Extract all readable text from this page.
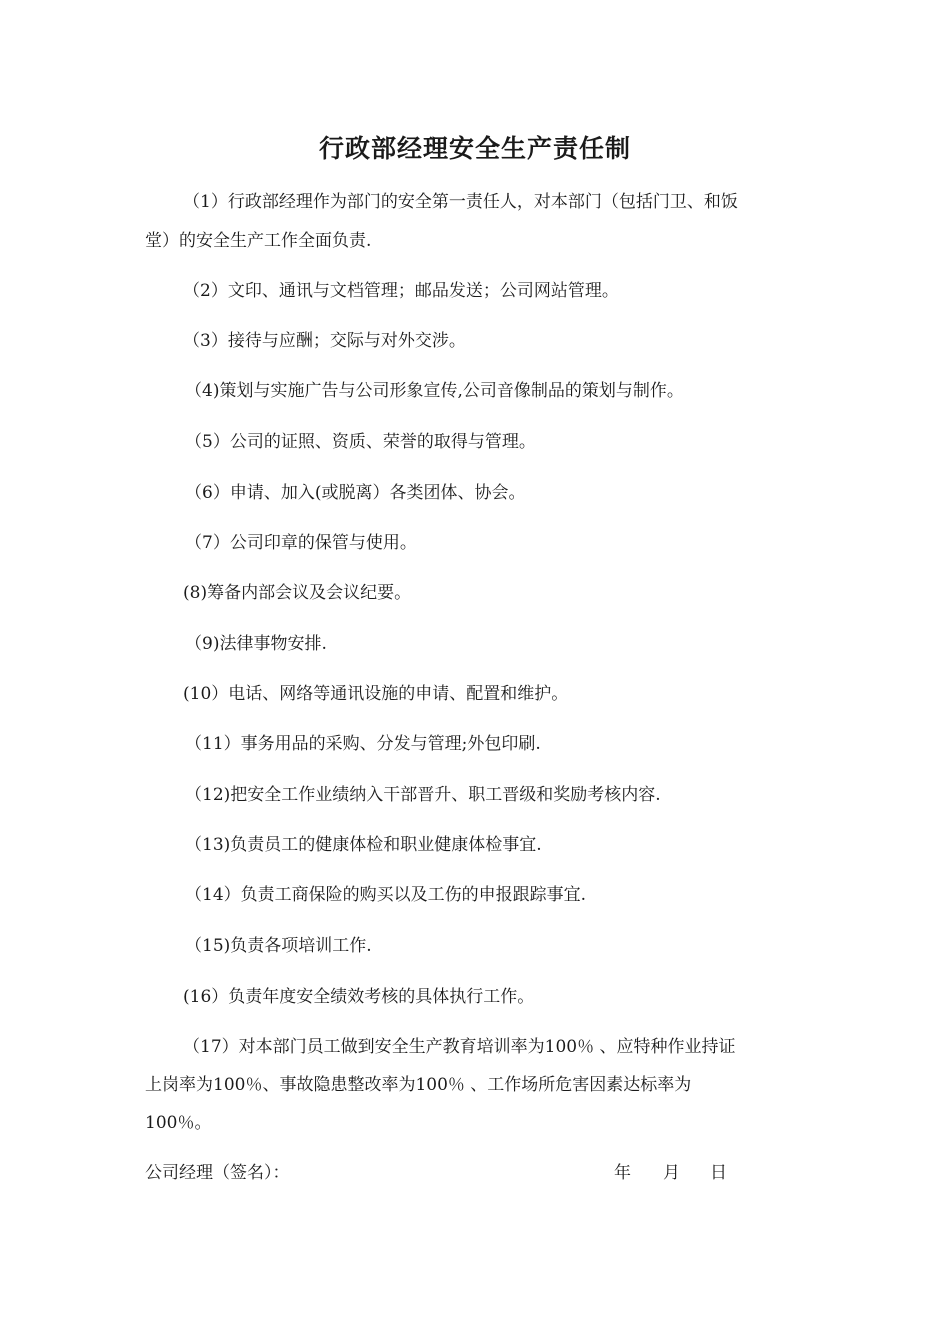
行政部经理安全生产责任制
（1）行政部经理作为部门的安全第一责任人，对本部门（包括门卫、和饭
堂）的安全生产工作全面负责.
（2）文印、通讯与文档管理；邮品发送；公司网站管理。
（3）接待与应酬；交际与对外交涉。
（4)策划与实施广告与公司形象宣传,公司音像制品的策划与制作。
（5）公司的证照、资质、荣誉的取得与管理。
（6）申请、加入(或脱离）各类团体、协会。
（7）公司印章的保管与使用。
(8)筹备内部会议及会议纪要。
（9)法律事物安排.
(10）电话、网络等通讯设施的申请、配置和维护。
（11）事务用品的采购、分发与管理;外包印刷.
（12)把安全工作业绩纳入干部晋升、职工晋级和奖励考核内容.
（13)负责员工的健康体检和职业健康体检事宜.
（14）负责工商保险的购买以及工伤的申报跟踪事宜.
（15)负责各项培训工作.
(16）负责年度安全绩效考核的具体执行工作。
（17）对本部门员工做到安全生产教育培训率为100％ 、应特种作业持证
上岗率为100％、事故隐患整改率为100％ 、工作场所危害因素达标率为
100％。
公司经理（签名）：	年 月 日
